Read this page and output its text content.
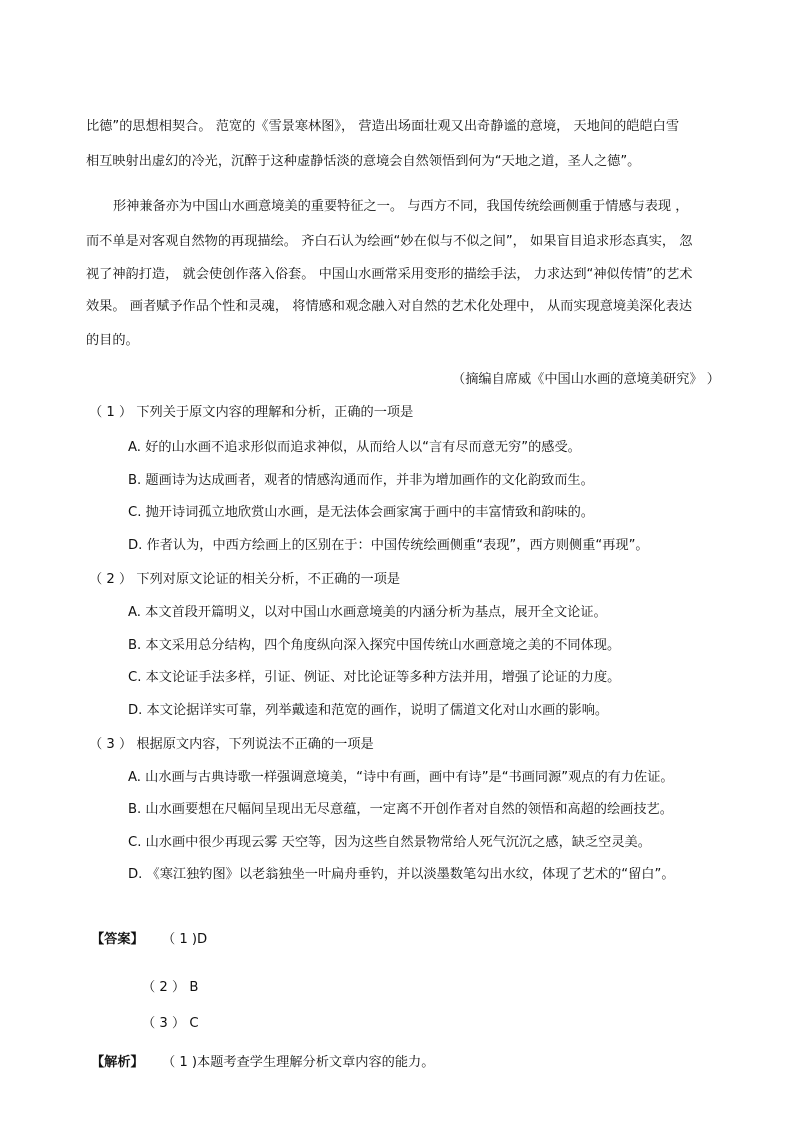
比德”的思想相契合。 范宽的《雪景寒林图》， 营造出场面壮观又出奇静谧的意境， 天地间的皑皑白雪
相互映射出虚幻的冷光，沉醉于这种虚静恬淡的意境会自然领悟到何为“天地之道，圣人之德”。
形神兼备亦为中国山水画意境美的重要特征之一。 与西方不同，我国传统绘画侧重于情感与表现 ，
而不单是对客观自然物的再现描绘。 齐白石认为绘画“妙在似与不似之间”， 如果盲目追求形态真实， 忽
视了神韵打造， 就会使创作落入俗套。 中国山水画常采用变形的描绘手法， 力求达到“神似传情”的艺术
效果。 画者赋予作品个性和灵魂， 将情感和观念融入对自然的艺术化处理中， 从而实现意境美深化表达
的目的。
（摘编自席威《中国山水画的意境美研究》 ）
（ 1 ） 下列关于原文内容的理解和分析，正确的一项是
A. 好的山水画不追求形似而追求神似，从而给人以“言有尽而意无穷”的感受。
B. 题画诗为达成画者，观者的情感沟通而作，并非为增加画作的文化韵致而生。
C. 抛开诗词孤立地欣赏山水画，是无法体会画家寓于画中的丰富情致和韵味的。
D. 作者认为，中西方绘画上的区别在于：中国传统绘画侧重“表现”，西方则侧重“再现”。
（ 2 ） 下列对原文论证的相关分析，不正确的一项是
A. 本文首段开篇明义，以对中国山水画意境美的内涵分析为基点，展开全文论证。
B. 本文采用总分结构，四个角度纵向深入探究中国传统山水画意境之美的不同体现。
C. 本文论证手法多样，引证、例证、对比论证等多种方法并用，增强了论证的力度。
D. 本文论据详实可靠，列举戴逵和范宽的画作，说明了儒道文化对山水画的影响。
（ 3 ） 根据原文内容，下列说法不正确的一项是
A. 山水画与古典诗歌一样强调意境美，“诗中有画，画中有诗”是“书画同源”观点的有力佐证。
B. 山水画要想在尺幅间呈现出无尽意蕴，一定离不开创作者对自然的领悟和高超的绘画技艺。
C. 山水画中很少再现云雾 天空等，因为这些自然景物常给人死气沉沉之感，缺乏空灵美。
D. 《寒江独钓图》以老翁独坐一叶扁舟垂钓，并以淡墨数笔勾出水纹，体现了艺术的“留白”。
【答案】 （ 1 )D
（ 2 ） B
（ 3 ） C
【解析】 （ 1 )本题考查学生理解分析文章内容的能力。
